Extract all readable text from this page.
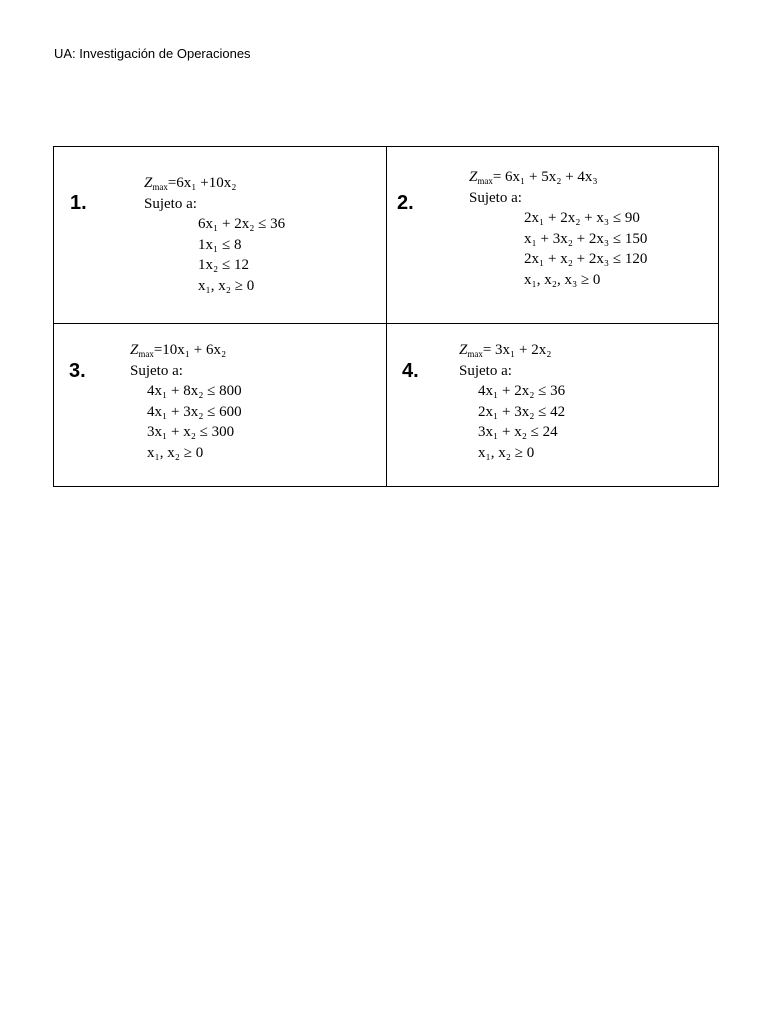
UA: Investigación de Operaciones
1.
$Z_{max}=6x_1 +10x_2$
Sujeto a:
6x₁ + 2x₂ ≤ 36
1x₁ ≤ 8
1x₂ ≤ 12
x₁, x₂ ≥ 0
2.
$Z_{max}= 6x_1 + 5x_2 + 4x_3$
Sujeto a:
2x₁ + 2x₂ + x₃ ≤ 90
x₁ + 3x₂ + 2x₃ ≤ 150
2x₁ + x₂ + 2x₃ ≤ 120
x₁, x₂, x₃ ≥ 0
3.
$Z_{max}=10x_1 + 6x_2$
Sujeto a:
4x₁ + 8x₂ ≤ 800
4x₁ + 3x₂ ≤ 600
3x₁ + x₂ ≤ 300
x₁, x₂ ≥ 0
4.
$Z_{max}= 3x_1 + 2x_2$
Sujeto a:
4x₁ + 2x₂ ≤ 36
2x₁ + 3x₂ ≤ 42
3x₁ + x₂ ≤ 24
x₁, x₂ ≥ 0
